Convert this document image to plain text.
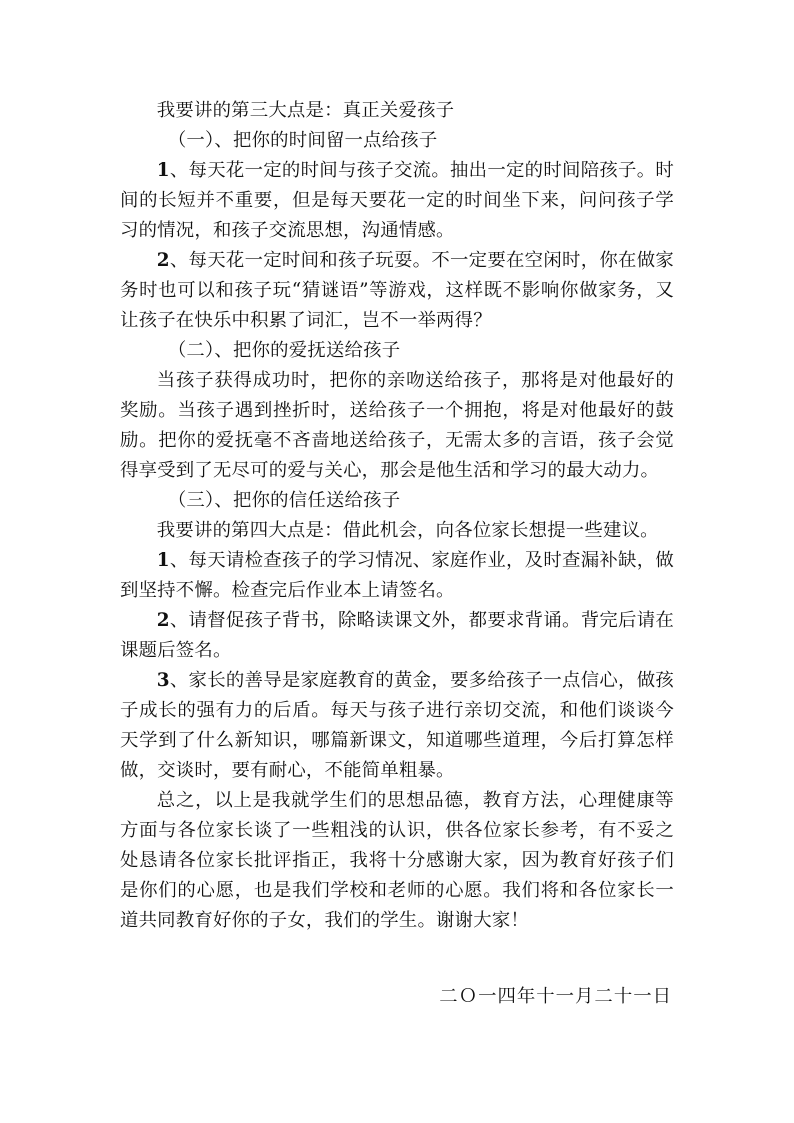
我要讲的第三大点是：真正关爱孩子

（一）、把你的时间留一点给孩子

1、每天花一定的时间与孩子交流。抽出一定的时间陪孩子。时间的长短并不重要，但是每天要花一定的时间坐下来，问问孩子学习的情况，和孩子交流思想，沟通情感。

2、每天花一定时间和孩子玩耍。不一定要在空闲时，你在做家务时也可以和孩子玩“猜谜语”等游戏，这样既不影响你做家务，又让孩子在快乐中积累了词汇，岂不一举两得？

（二）、把你的爱抚送给孩子

当孩子获得成功时，把你的亲吻送给孩子，那将是对他最好的奖励。当孩子遇到挫折时，送给孩子一个拥抱，将是对他最好的鼓励。把你的爱抚毫不吝啬地送给孩子，无需太多的言语，孩子会觉得享受到了无尽可的爱与关心，那会是他生活和学习的最大动力。

（三）、把你的信任送给孩子

我要讲的第四大点是：借此机会，向各位家长想提一些建议。

1、每天请检查孩子的学习情况、家庭作业，及时查漏补缺，做到坚持不懈。检查完后作业本上请签名。

2、请督促孩子背书，除略读课文外，都要求背诵。背完后请在课题后签名。

3、家长的善导是家庭教育的黄金，要多给孩子一点信心，做孩子成长的强有力的后盾。每天与孩子进行亲切交流，和他们谈谈今天学到了什么新知识，哪篇新课文，知道哪些道理，今后打算怎样做，交谈时，要有耐心，不能简单粗暴。

总之，以上是我就学生们的思想品德，教育方法，心理健康等方面与各位家长谈了一些粗浅的认识，供各位家长参考，有不妥之处恳请各位家长批评指正，我将十分感谢大家，因为教育好孩子们是你们的心愿，也是我们学校和老师的心愿。我们将和各位家长一道共同教育好你的子女，我们的学生。谢谢大家！

二Ｏ一四年十一月二十一日
